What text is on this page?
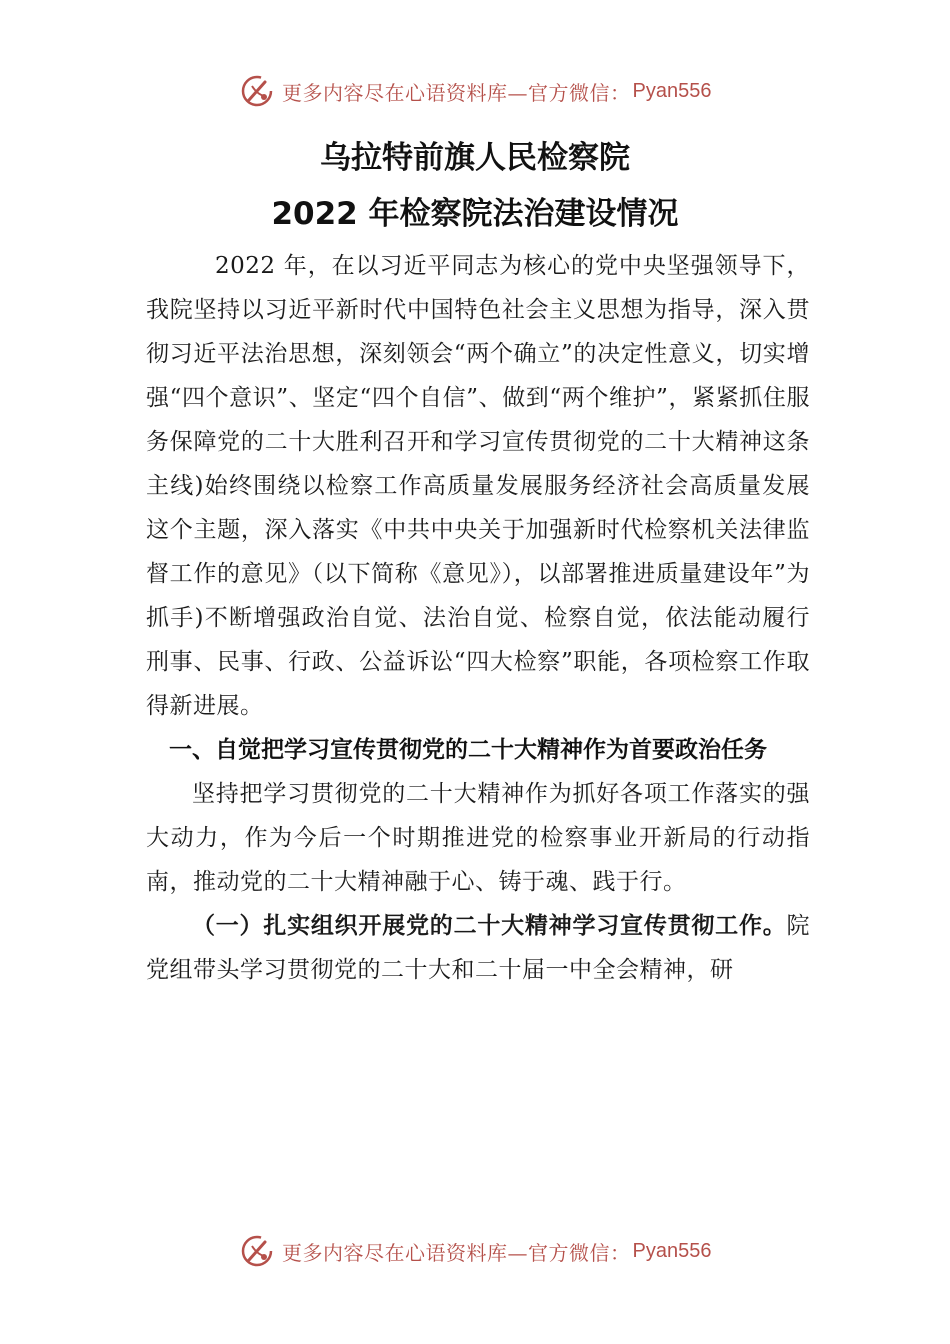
更多内容尽在心语资料库—官方微信： Pyan556
乌拉特前旗人民检察院
2022 年检察院法治建设情况

2022 年，在以习近平同志为核心的党中央坚强领导下，我院坚持以习近平新时代中国特色社会主义思想为指导，深入贯彻习近平法治思想，深刻领会“两个确立”的决定性意义，切实增强“四个意识”、坚定“四个自信”、做到“两个维护”，紧紧抓住服务保障党的二十大胜利召开和学习宣传贯彻党的二十大精神这条主线)始终围绕以检察工作高质量发展服务经济社会高质量发展这个主题，深入落实《中共中央关于加强新时代检察机关法律监督工作的意见》（以下简称《意见》），以部署推进质量建设年”为抓手)不断增强政治自觉、法治自觉、检察自觉，依法能动履行刑事、民事、行政、公益诉讼“四大检察”职能，各项检察工作取得新进展。

一、自觉把学习宣传贯彻党的二十大精神作为首要政治任务

坚持把学习贯彻党的二十大精神作为抓好各项工作落实的强大动力，作为今后一个时期推进党的检察事业开新局的行动指南，推动党的二十大精神融于心、铸于魂、践于行。

（一）扎实组织开展党的二十大精神学习宣传贯彻工作。院党组带头学习贯彻党的二十大和二十届一中全会精神，研

更多内容尽在心语资料库—官方微信： Pyan556
